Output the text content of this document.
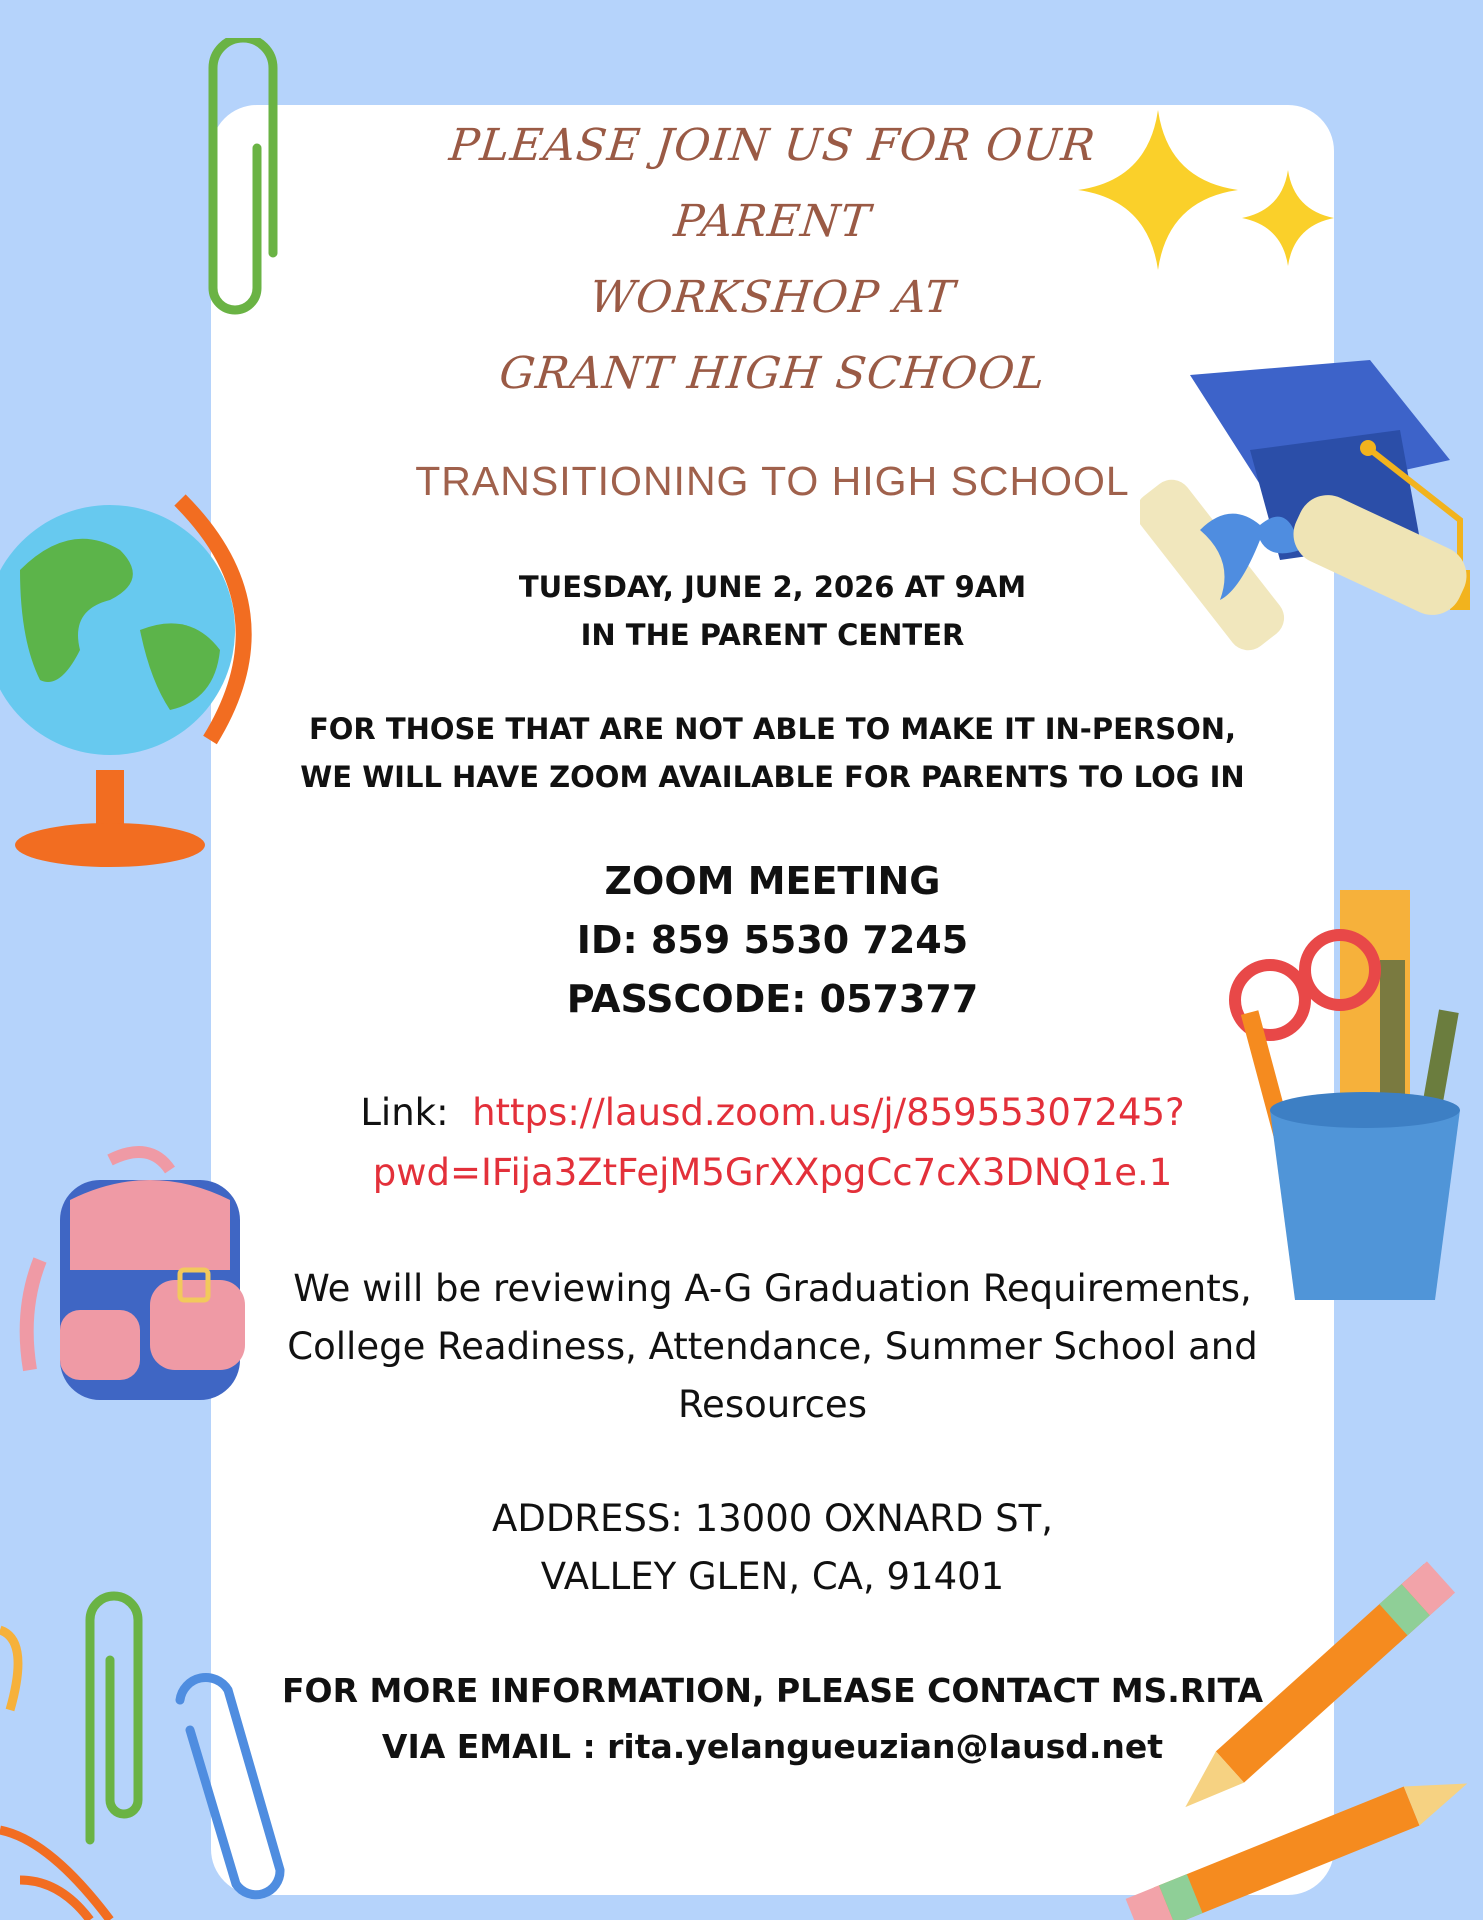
PLEASE JOIN US FOR OUR
PARENT
WORKSHOP AT
GRANT HIGH SCHOOL
TRANSITIONING TO HIGH SCHOOL
TUESDAY, JUNE 2, 2026 AT 9AM
IN THE PARENT CENTER
FOR THOSE THAT ARE NOT ABLE TO MAKE IT IN-PERSON,
WE WILL HAVE ZOOM AVAILABLE FOR PARENTS TO LOG IN
ZOOM MEETING
ID: 859 5530 7245
PASSCODE: 057377
Link: https://lausd.zoom.us/j/85955307245?
pwd=IFija3ZtFejM5GrXXpgCc7cX3DNQ1e.1
We will be reviewing A-G Graduation Requirements,
College Readiness, Attendance, Summer School and
Resources
ADDRESS: 13000 OXNARD ST,
VALLEY GLEN, CA, 91401
FOR MORE INFORMATION, PLEASE CONTACT MS.RITA
VIA EMAIL : rita.yelangueuzian@lausd.net
